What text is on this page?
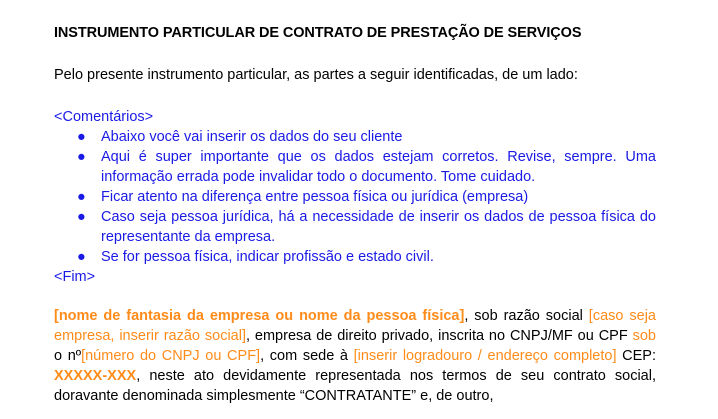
INSTRUMENTO PARTICULAR DE CONTRATO DE PRESTAÇÃO DE SERVIÇOS
Pelo presente instrumento particular, as partes a seguir identificadas, de um lado:
<Comentários>
● Abaixo você vai inserir os dados do seu cliente
● Aqui é super importante que os dados estejam corretos. Revise, sempre. Uma informação errada pode invalidar todo o documento. Tome cuidado.
● Ficar atento na diferença entre pessoa física ou jurídica (empresa)
● Caso seja pessoa jurídica, há a necessidade de inserir os dados de pessoa física do representante da empresa.
● Se for pessoa física, indicar profissão e estado civil.
<Fim>
[nome de fantasia da empresa ou nome da pessoa física], sob razão social [caso seja empresa, inserir razão social], empresa de direito privado, inscrita no CNPJ/MF ou CPF sob o nº[número do CNPJ ou CPF], com sede à [inserir logradouro / endereço completo] CEP: XXXXX-XXX, neste ato devidamente representada nos termos de seu contrato social, doravante denominada simplesmente “CONTRATANTE” e, de outro,
